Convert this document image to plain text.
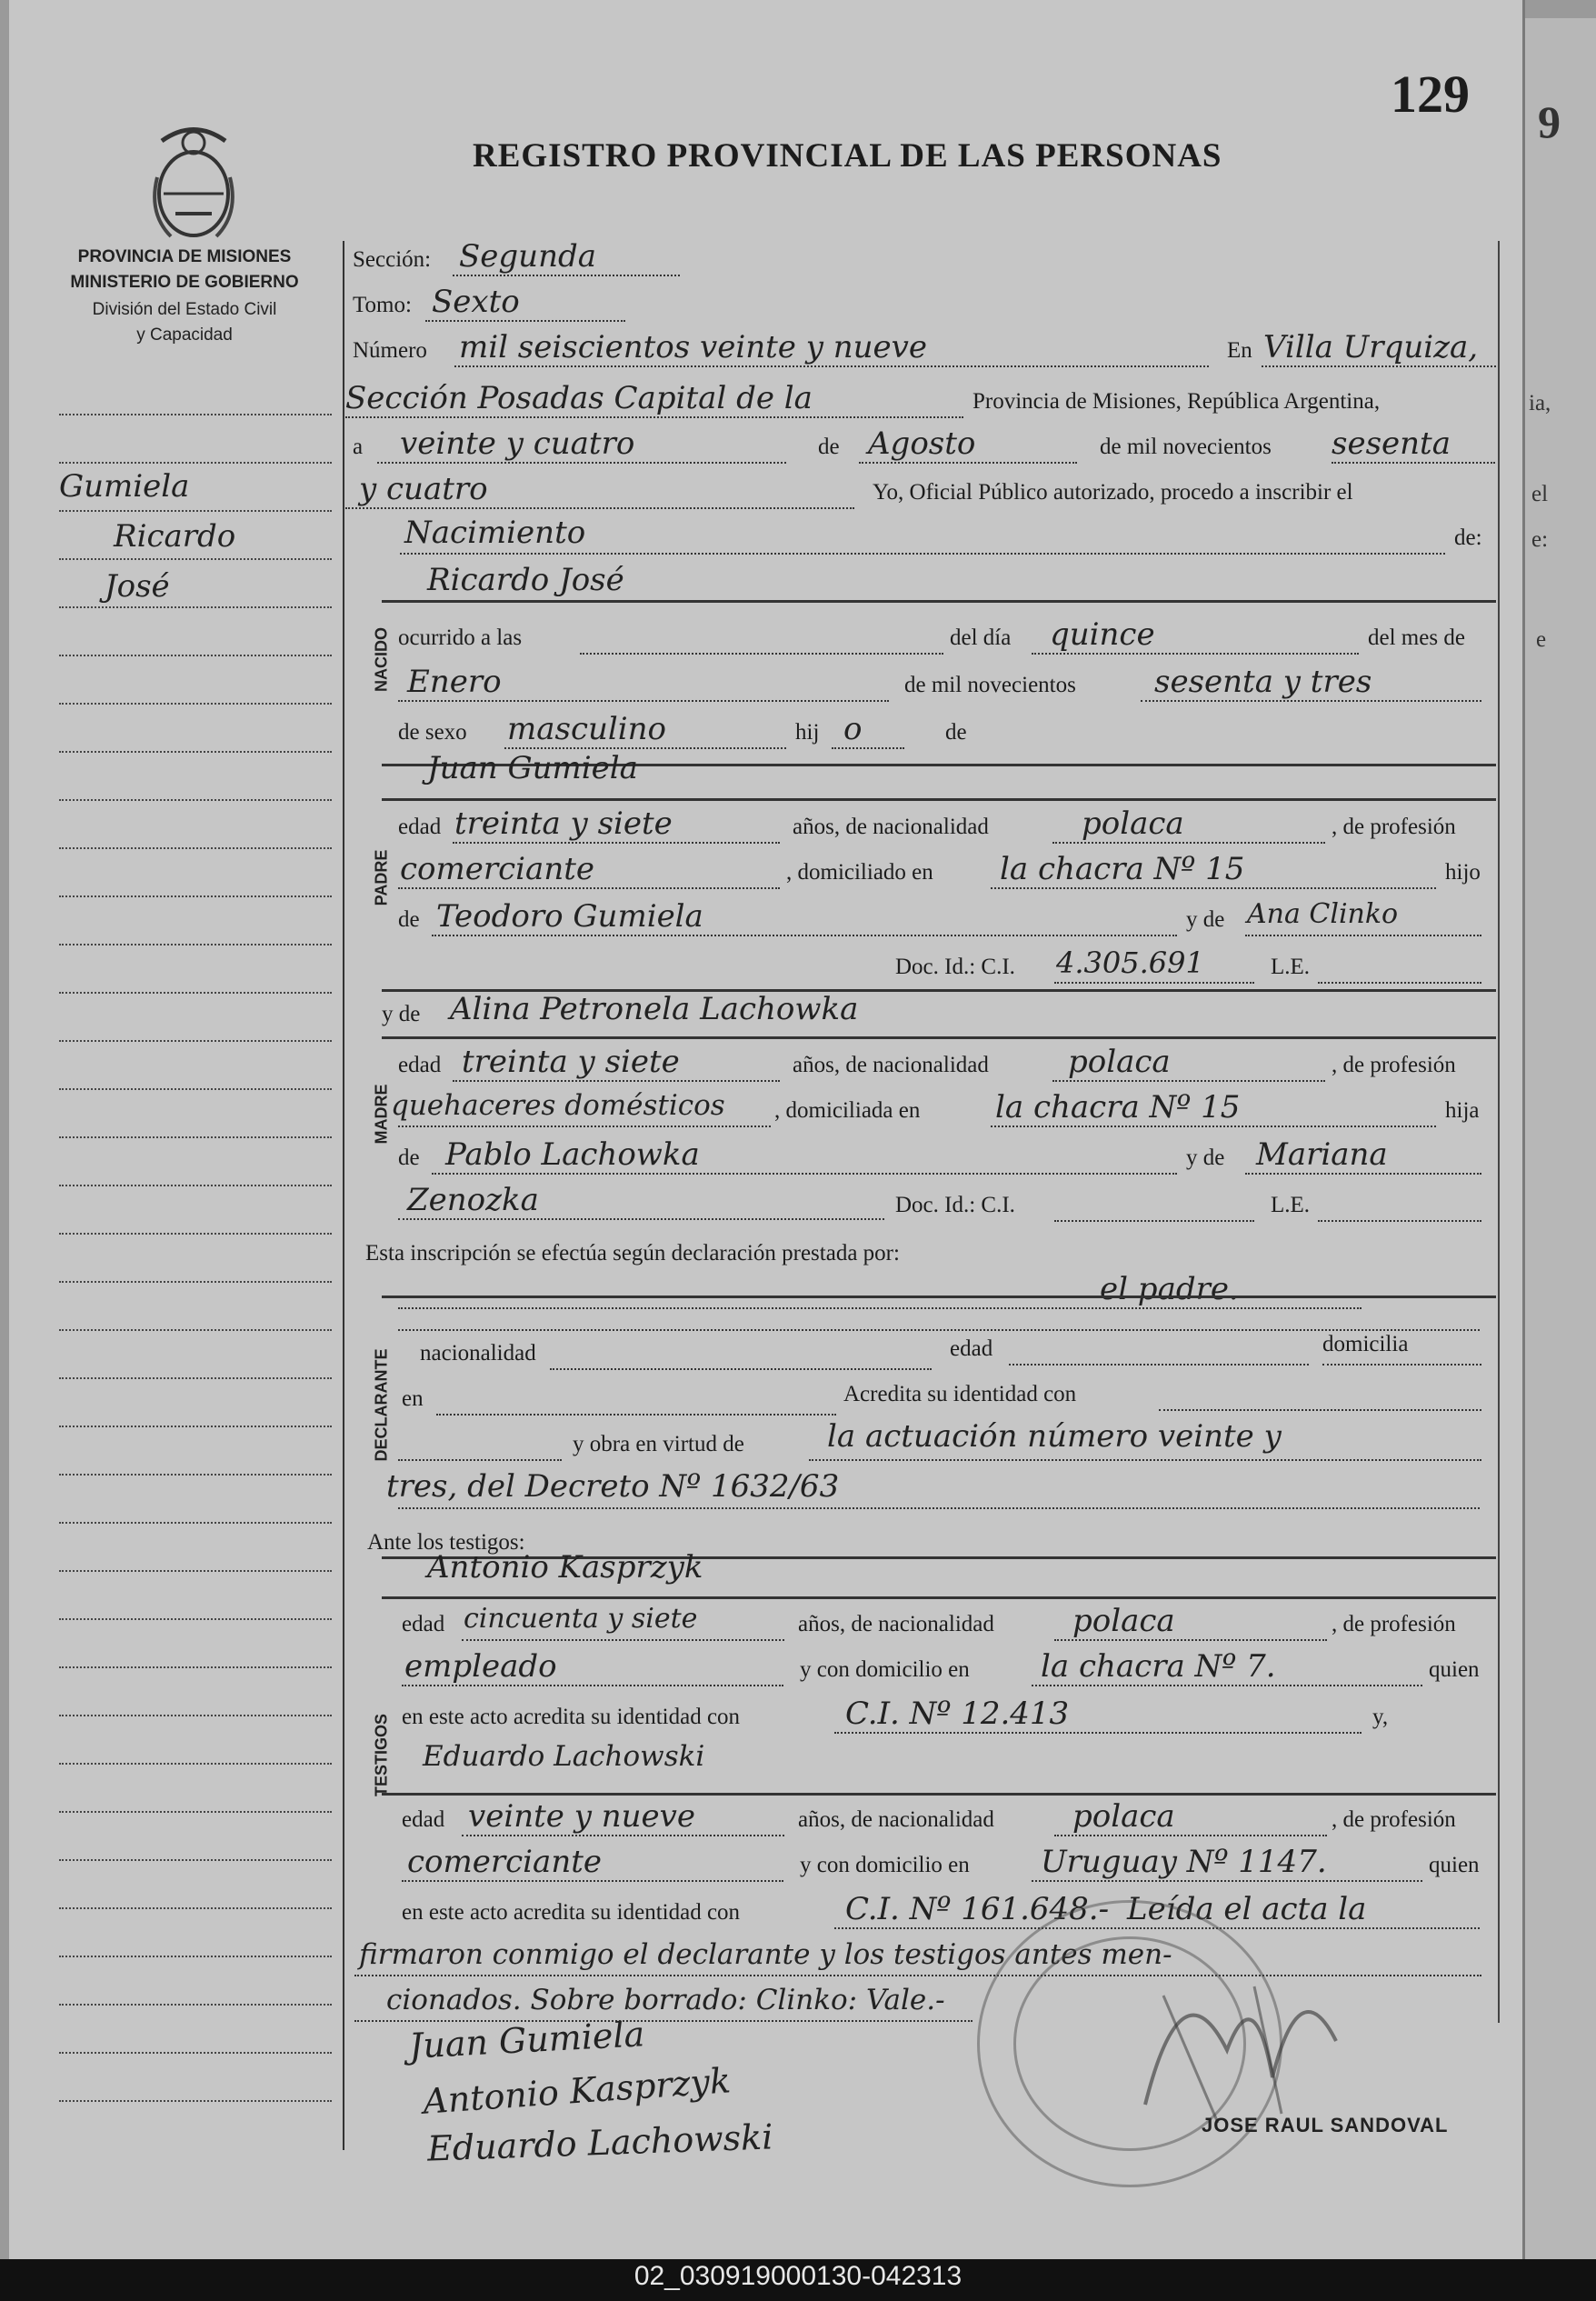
129
REGISTRO PROVINCIAL DE LAS PERSONAS
PROVINCIA DE MISIONES
MINISTERIO DE GOBIERNO
División del Estado Civil
y Capacidad
Gumiela
Ricardo
José
Sección: Segunda
Tomo: Sexto
Número mil seiscientos veinte y nueve	En Villa Urquiza,
Sección Posadas Capital de la	Provincia de Misiones, República Argentina,
a veinte y cuatro	de Agosto	de mil novecientos sesenta
y cuatro	Yo, Oficial Público autorizado, procedo a inscribir el
Nacimiento	de:
NACIDO
Ricardo José
ocurrido a las	del día quince	del mes de
Enero	de mil novecientos	sesenta y tres
de sexo masculino	hij o	de
PADRE
Juan Gumiela
edad treinta y siete	años, de nacionalidad	polaca	, de profesión
comerciante	, domiciliado en la chacra Nº 15	hijo
de Teodoro Gumiela	y de Ana Clinko
Doc. Id.: C.I. 4.305.691	L.E.
y de Alina Petronela Lachowka
MADRE
edad treinta y siete	años, de nacionalidad	polaca	, de profesión
quehaceres domésticos , domiciliada en la chacra Nº 15	hija
de Pablo Lachowka	y de Mariana
Zenozka	Doc. Id.: C.I.	L.E.
Esta inscripción se efectúa según declaración prestada por:
el padre.
DECLARANTE nacionalidad	edad	domicilia
en	Acredita su identidad con
y obra en virtud de	la actuación número veinte y
tres, del Decreto Nº 1632/63
Ante los testigos:
Antonio Kasprzyk
TESTIGOS
edad cincuenta y siete	años, de nacionalidad	polaca	, de profesión
empleado	y con domicilio en la chacra Nº 7.	quien
en este acto acredita su identidad con	C.I. Nº 12.413	y,
Eduardo Lachowski
edad veinte y nueve	años, de nacionalidad	polaca	, de profesión
comerciante	y con domicilio en Uruguay Nº 1147.	quien
en este acto acredita su identidad con	C.I. Nº 161.648.- Leída el acta la
firmaron conmigo el declarante y los testigos antes men-
cionados. Sobre borrado: Clinko: Vale.-
Juan Gumiela
Antonio Kasprzyk
Eduardo Lachowski	JOSE RAUL SANDOVAL
ia,
el
e:
e
9
02_030919000130-042313
